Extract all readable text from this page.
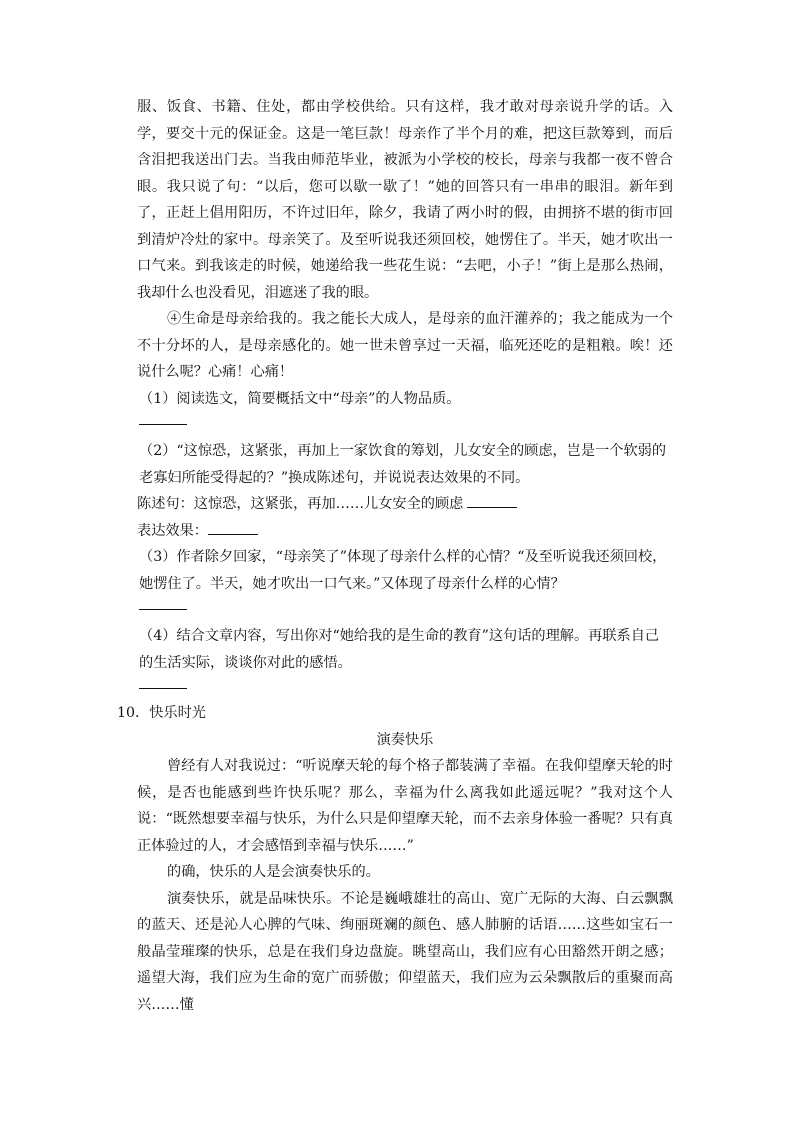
服、饭食、书籍、住处，都由学校供给。只有这样，我才敢对母亲说升学的话。入学，要交十元的保证金。这是一笔巨款！母亲作了半个月的难，把这巨款筹到，而后含泪把我送出门去。当我由师范毕业，被派为小学校的校长，母亲与我都一夜不曾合眼。我只说了句：“以后，您可以歇一歇了！”她的回答只有一串串的眼泪。新年到了，正赶上倡用阳历，不许过旧年，除夕，我请了两小时的假，由拥挤不堪的街市回到清炉冷灶的家中。母亲笑了。及至听说我还须回校，她愣住了。半天，她才吹出一口气来。到我该走的时候，她递给我一些花生说：“去吧，小子！”街上是那么热闹，我却什么也没看见，泪遮迷了我的眼。

④生命是母亲给我的。我之能长大成人，是母亲的血汗灌养的；我之能成为一个不十分坏的人，是母亲感化的。她一世未曾享过一天福，临死还吃的是粗粮。唉！还说什么呢？心痛！心痛！

（1）阅读选文，简要概括文中“母亲”的人物品质。

（2）“这惊恐，这紧张，再加上一家饮食的筹划，儿女安全的顾虑，岂是一个软弱的老寡妇所能受得起的？”换成陈述句，并说说表达效果的不同。

陈述句：这惊恐，这紧张，再加……儿女安全的顾虑

表达效果：

（3）作者除夕回家，“母亲笑了”体现了母亲什么样的心情？“及至听说我还须回校，她愣住了。半天，她才吹出一口气来。”又体现了母亲什么样的心情？

（4）结合文章内容，写出你对“她给我的是生命的教育”这句话的理解。再联系自己的生活实际，谈谈你对此的感悟。

10．快乐时光

演奏快乐

曾经有人对我说过：“听说摩天轮的每个格子都装满了幸福。在我仰望摩天轮的时候，是否也能感到些许快乐呢？那么，幸福为什么离我如此遥远呢？”我对这个人说：“既然想要幸福与快乐，为什么只是仰望摩天轮，而不去亲身体验一番呢？只有真正体验过的人，才会感悟到幸福与快乐……”

的确，快乐的人是会演奏快乐的。

演奏快乐，就是品味快乐。不论是巍峨雄壮的高山、宽广无际的大海、白云飘飘的蓝天、还是沁人心脾的气味、绚丽斑斓的颜色、感人肺腑的话语……这些如宝石一般晶莹璀璨的快乐，总是在我们身边盘旋。眺望高山，我们应有心田豁然开朗之感；遥望大海，我们应为生命的宽广而骄傲；仰望蓝天，我们应为云朵飘散后的重聚而高兴……懂
